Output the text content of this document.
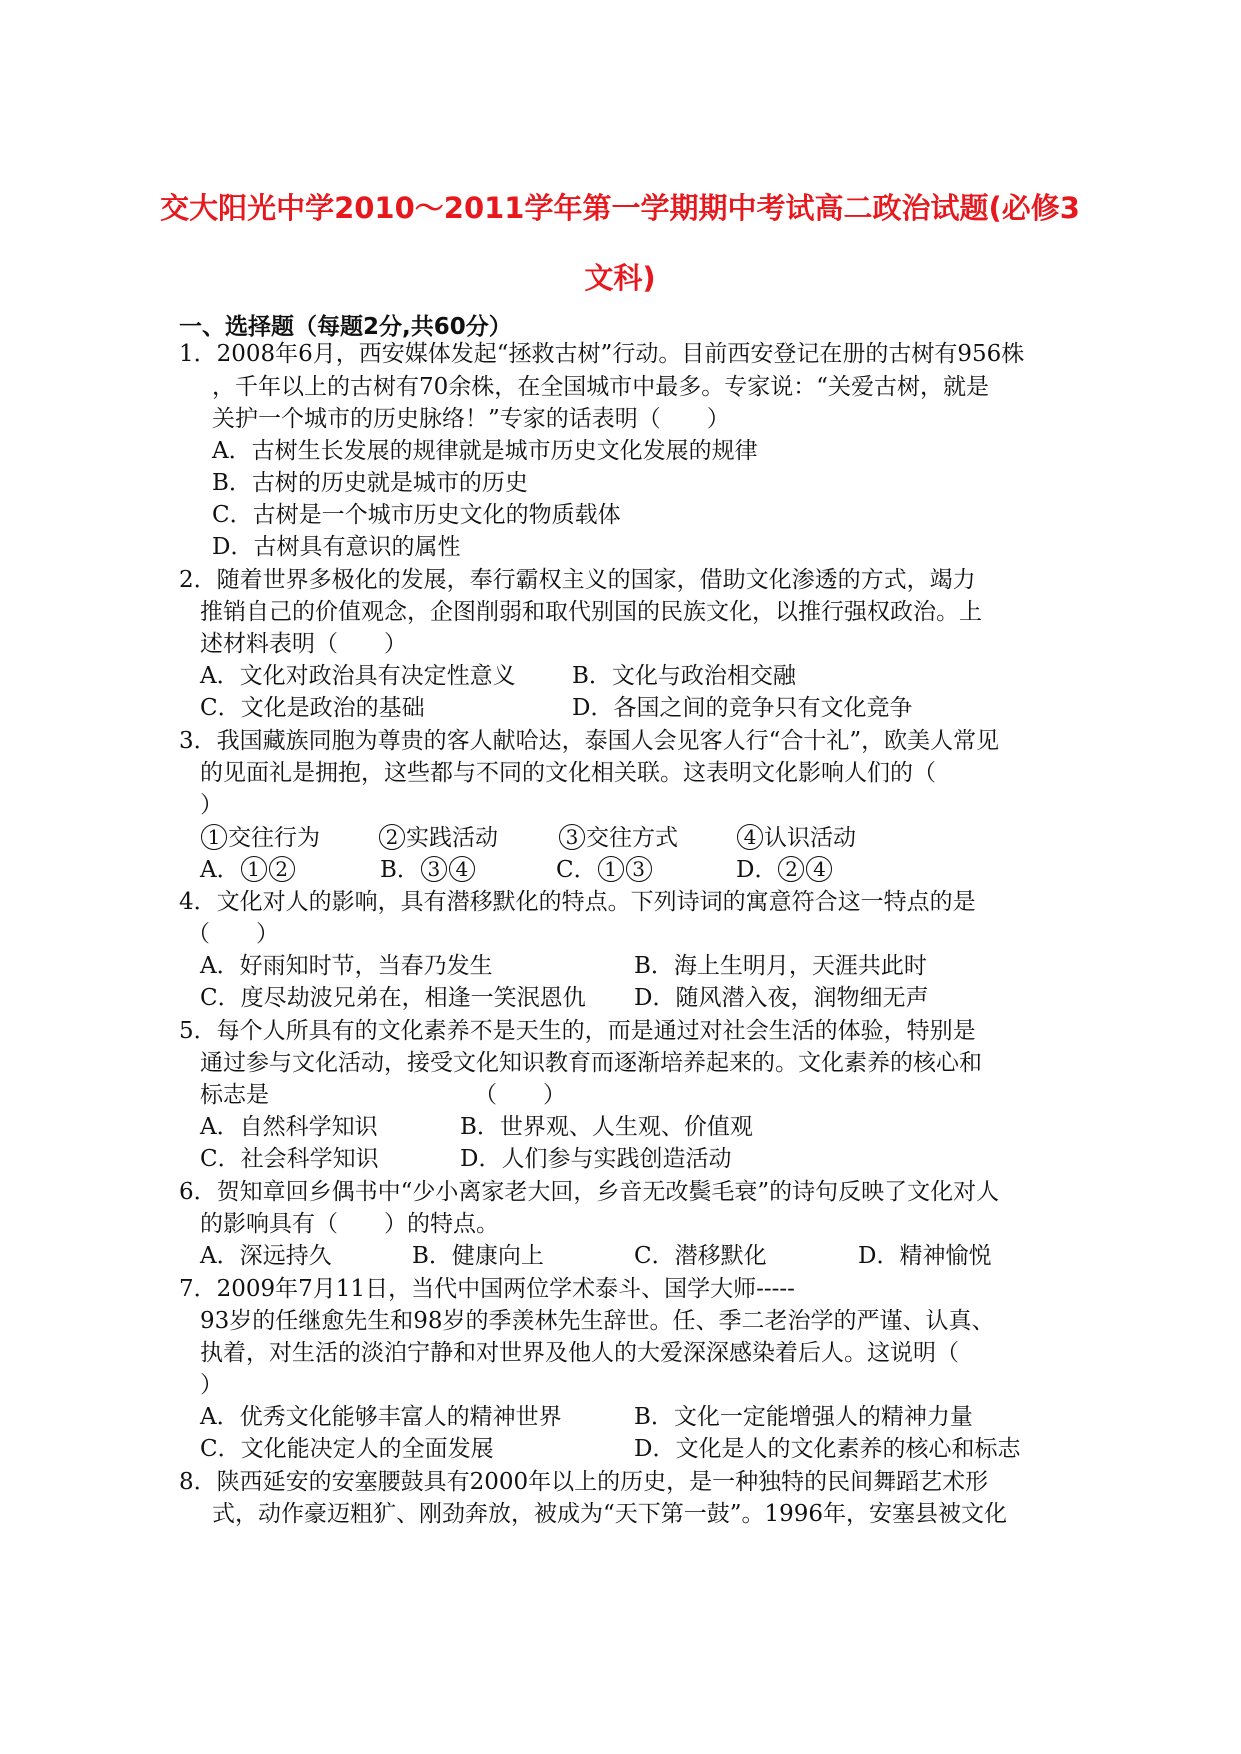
交大阳光中学2010～2011学年第一学期期中考试高二政治试题(必修3
文科)
一、选择题（每题2分,共60分）
1．2008年6月，西安媒体发起“拯救古树”行动。目前西安登记在册的古树有956株
，千年以上的古树有70余株，在全国城市中最多。专家说：“关爱古树，就是
关护一个城市的历史脉络！”专家的话表明（　　）
A．古树生长发展的规律就是城市历史文化发展的规律
B．古树的历史就是城市的历史
C．古树是一个城市历史文化的物质载体
D．古树具有意识的属性
2．随着世界多极化的发展，奉行霸权主义的国家，借助文化渗透的方式，竭力
推销自己的价值观念，企图削弱和取代别国的民族文化，以推行强权政治。上
述材料表明（　　）
A．文化对政治具有决定性意义 B．文化与政治相交融
C．文化是政治的基础	D．各国之间的竞争只有文化竞争
3．我国藏族同胞为尊贵的客人献哈达，泰国人会见客人行“合十礼”，欧美人常见
的见面礼是拥抱，这些都与不同的文化相关联。这表明文化影响人们的（
）
1 交往行为	2 实践活动	3 交往方式	4 认识活动
A． 1 2	B． 3 4	C． 1 3	D． 2 4
4．文化对人的影响，具有潜移默化的特点。下列诗词的寓意符合这一特点的是
（　　）
A．好雨知时节，当春乃发生	B．海上生明月，天涯共此时
C．度尽劫波兄弟在，相逢一笑泯恩仇 D．随风潜入夜，润物细无声
5．每个人所具有的文化素养不是天生的，而是通过对社会生活的体验，特别是
通过参与文化活动，接受文化知识教育而逐渐培养起来的。文化素养的核心和
标志是	（　　）
A．自然科学知识	B．世界观、人生观、价值观
C．社会科学知识	D．人们参与实践创造活动
6．贺知章回乡偶书中“少小离家老大回，乡音无改鬓毛衰”的诗句反映了文化对人
的影响具有（　　）的特点。
A．深远持久	B．健康向上	C．潜移默化	D．精神愉悦
7．2009年7月11日，当代中国两位学术泰斗、国学大师-----
93岁的任继愈先生和98岁的季羡林先生辞世。任、季二老治学的严谨、认真、
执着，对生活的淡泊宁静和对世界及他人的大爱深深感染着后人。这说明（
）
A．优秀文化能够丰富人的精神世界	B．文化一定能增强人的精神力量
C．文化能决定人的全面发展	D．文化是人的文化素养的核心和标志
8．陕西延安的安塞腰鼓具有2000年以上的历史，是一种独特的民间舞蹈艺术形
式，动作豪迈粗犷、刚劲奔放，被成为“天下第一鼓”。1996年，安塞县被文化
